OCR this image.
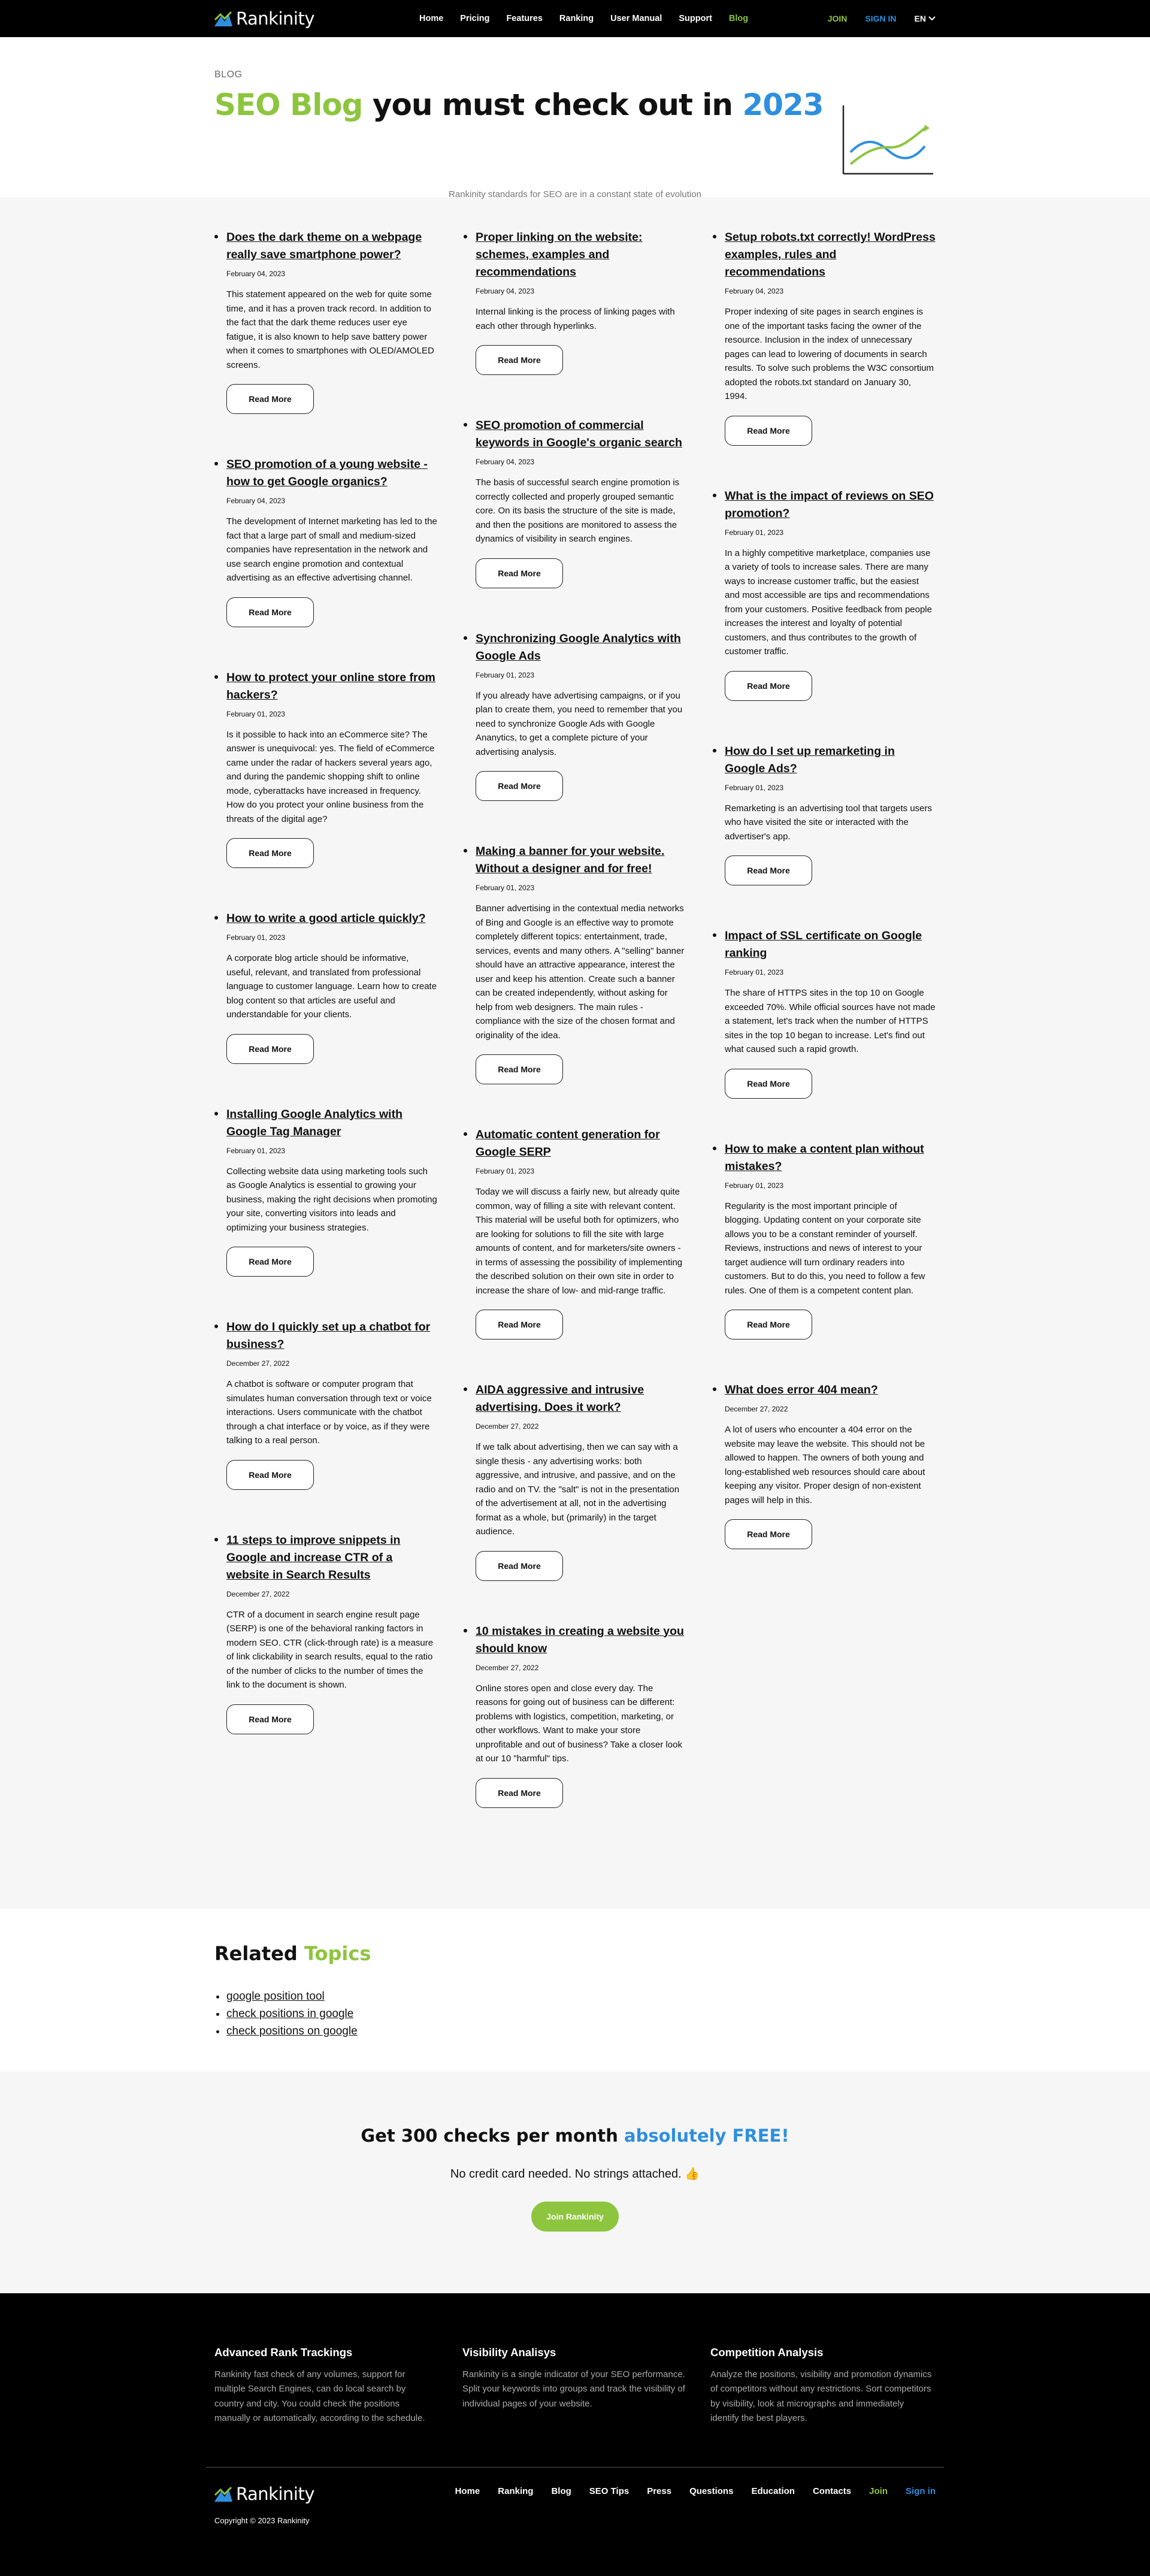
Rankinity	Home Pricing Features Ranking User Manual Support Blog	JOIN SIGN IN EN
BLOG
SEO Blog you must check out in 2023
Rankinity standards for SEO are in a constant state of evolution
Does the dark theme on a webpage really save smartphone power?
February 04, 2023
This statement appeared on the web for quite some time, and it has a proven track record. In addition to the fact that the dark theme reduces user eye fatigue, it is also known to help save battery power when it comes to smartphones with OLED/AMOLED screens.
Read More
SEO promotion of a young website - how to get Google organics?
February 04, 2023
The development of Internet marketing has led to the fact that a large part of small and medium-sized companies have representation in the network and use search engine promotion and contextual advertising as an effective advertising channel.
Read More
How to protect your online store from hackers?
February 01, 2023
Is it possible to hack into an eCommerce site? The answer is unequivocal: yes. The field of eCommerce came under the radar of hackers several years ago, and during the pandemic shopping shift to online mode, cyberattacks have increased in frequency. How do you protect your online business from the threats of the digital age?
Read More
How to write a good article quickly?
February 01, 2023
A corporate blog article should be informative, useful, relevant, and translated from professional language to customer language. Learn how to create blog content so that articles are useful and understandable for your clients.
Read More
Installing Google Analytics with Google Tag Manager
February 01, 2023
Collecting website data using marketing tools such as Google Analytics is essential to growing your business, making the right decisions when promoting your site, converting visitors into leads and optimizing your business strategies.
Read More
How do I quickly set up a chatbot for business?
December 27, 2022
A chatbot is software or computer program that simulates human conversation through text or voice interactions. Users communicate with the chatbot through a chat interface or by voice, as if they were talking to a real person.
Read More
11 steps to improve snippets in Google and increase CTR of a website in Search Results
December 27, 2022
CTR of a document in search engine result page (SERP) is one of the behavioral ranking factors in modern SEO. CTR (click-through rate) is a measure of link clickability in search results, equal to the ratio of the number of clicks to the number of times the link to the document is shown.
Read More
Proper linking on the website: schemes, examples and recommendations
February 04, 2023
Internal linking is the process of linking pages with each other through hyperlinks.
Read More
SEO promotion of commercial keywords in Google's organic search
February 04, 2023
The basis of successful search engine promotion is correctly collected and properly grouped semantic core. On its basis the structure of the site is made, and then the positions are monitored to assess the dynamics of visibility in search engines.
Read More
Synchronizing Google Analytics with Google Ads
February 01, 2023
If you already have advertising campaigns, or if you plan to create them, you need to remember that you need to synchronize Google Ads with Google Ananytics, to get a complete picture of your advertising analysis.
Read More
Making a banner for your website. Without a designer and for free!
February 01, 2023
Banner advertising in the contextual media networks of Bing and Google is an effective way to promote completely different topics: entertainment, trade, services, events and many others. A "selling" banner should have an attractive appearance, interest the user and keep his attention. Create such a banner can be created independently, without asking for help from web designers. The main rules - compliance with the size of the chosen format and originality of the idea.
Read More
Automatic content generation for Google SERP
February 01, 2023
Today we will discuss a fairly new, but already quite common, way of filling a site with relevant content. This material will be useful both for optimizers, who are looking for solutions to fill the site with large amounts of content, and for marketers/site owners - in terms of assessing the possibility of implementing the described solution on their own site in order to increase the share of low- and mid-range traffic.
Read More
AIDA aggressive and intrusive advertising. Does it work?
December 27, 2022
If we talk about advertising, then we can say with a single thesis - any advertising works: both aggressive, and intrusive, and passive, and on the radio and on TV. the "salt" is not in the presentation of the advertisement at all, not in the advertising format as a whole, but (primarily) in the target audience.
Read More
10 mistakes in creating a website you should know
December 27, 2022
Online stores open and close every day. The reasons for going out of business can be different: problems with logistics, competition, marketing, or other workflows. Want to make your store unprofitable and out of business? Take a closer look at our 10 "harmful" tips.
Read More
Setup robots.txt correctly! WordPress examples, rules and recommendations
February 04, 2023
Proper indexing of site pages in search engines is one of the important tasks facing the owner of the resource. Inclusion in the index of unnecessary pages can lead to lowering of documents in search results. To solve such problems the W3C consortium adopted the robots.txt standard on January 30, 1994.
Read More
What is the impact of reviews on SEO promotion?
February 01, 2023
In a highly competitive marketplace, companies use a variety of tools to increase sales. There are many ways to increase customer traffic, but the easiest and most accessible are tips and recommendations from your customers. Positive feedback from people increases the interest and loyalty of potential customers, and thus contributes to the growth of customer traffic.
Read More
How do I set up remarketing in Google Ads?
February 01, 2023
Remarketing is an advertising tool that targets users who have visited the site or interacted with the advertiser's app.
Read More
Impact of SSL certificate on Google ranking
February 01, 2023
The share of HTTPS sites in the top 10 on Google exceeded 70%. While official sources have not made a statement, let's track when the number of HTTPS sites in the top 10 began to increase. Let's find out what caused such a rapid growth.
Read More
How to make a content plan without mistakes?
February 01, 2023
Regularity is the most important principle of blogging. Updating content on your corporate site allows you to be a constant reminder of yourself. Reviews, instructions and news of interest to your target audience will turn ordinary readers into customers. But to do this, you need to follow a few rules. One of them is a competent content plan.
Read More
What does error 404 mean?
December 27, 2022
A lot of users who encounter a 404 error on the website may leave the website. This should not be allowed to happen. The owners of both young and long-established web resources should care about keeping any visitor. Proper design of non-existent pages will help in this.
Read More
Related Topics
• google position tool
• check positions in google
• check positions on google
Get 300 checks per month absolutely FREE!
No credit card needed. No strings attached. 👍
Join Rankinity
Advanced Rank Trackings
Rankinity fast check of any volumes, support for multiple Search Engines, can do local search by country and city. You could check the positions manually or automatically, according to the schedule.
Visibility Analisys
Rankinity is a single indicator of your SEO performance. Split your keywords into groups and track the visibility of individual pages of your website.
Competition Analysis
Analyze the positions, visibility and promotion dynamics of competitors without any restrictions. Sort competitors by visibility, look at micrographs and immediately identify the best players.
Rankinity	Home Ranking Blog SEO Tips Press Questions Education Contacts Join Sign in
Copyright © 2023 Rankinity
